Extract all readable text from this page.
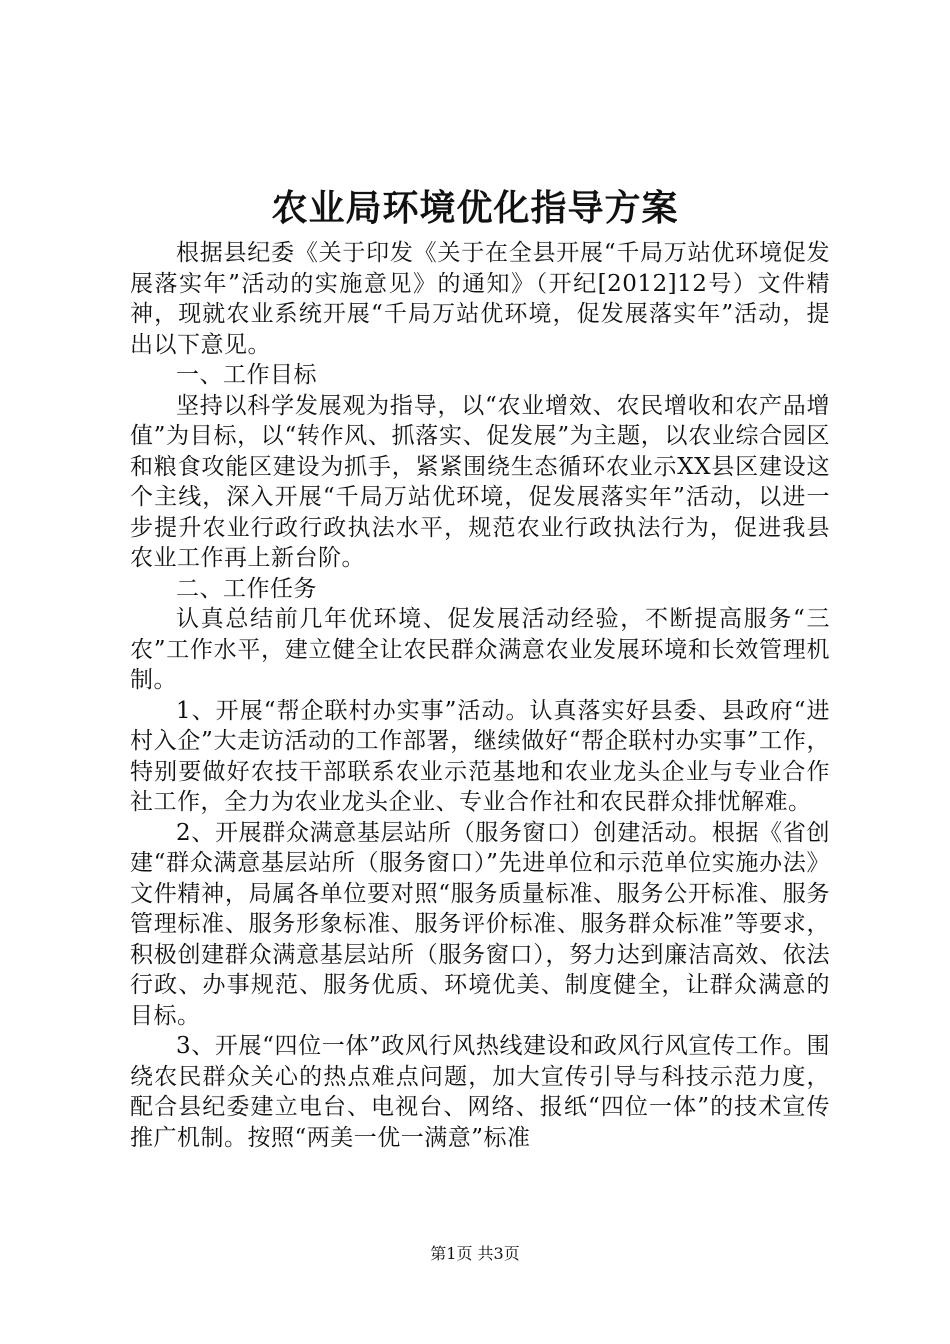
农业局环境优化指导方案

根据县纪委《关于印发《关于在全县开展“千局万站优环境促发展落实年”活动的实施意见》的通知》（开纪[2012]12号）文件精神，现就农业系统开展“千局万站优环境，促发展落实年”活动，提出以下意见。

一、工作目标

坚持以科学发展观为指导，以“农业增效、农民增收和农产品增值”为目标，以“转作风、抓落实、促发展”为主题，以农业综合园区和粮食攻能区建设为抓手，紧紧围绕生态循环农业示XX县区建设这个主线，深入开展“千局万站优环境，促发展落实年”活动，以进一步提升农业行政行政执法水平，规范农业行政执法行为，促进我县农业工作再上新台阶。

二、工作任务

认真总结前几年优环境、促发展活动经验，不断提高服务“三农”工作水平，建立健全让农民群众满意农业发展环境和长效管理机制。

1、开展“帮企联村办实事”活动。认真落实好县委、县政府“进村入企”大走访活动的工作部署，继续做好“帮企联村办实事”工作，特别要做好农技干部联系农业示范基地和农业龙头企业与专业合作社工作，全力为农业龙头企业、专业合作社和农民群众排忧解难。

2、开展群众满意基层站所（服务窗口）创建活动。根据《省创建“群众满意基层站所（服务窗口）”先进单位和示范单位实施办法》文件精神，局属各单位要对照“服务质量标准、服务公开标准、服务管理标准、服务形象标准、服务评价标准、服务群众标准”等要求，积极创建群众满意基层站所（服务窗口），努力达到廉洁高效、依法行政、办事规范、服务优质、环境优美、制度健全，让群众满意的目标。

3、开展“四位一体”政风行风热线建设和政风行风宣传工作。围绕农民群众关心的热点难点问题，加大宣传引导与科技示范力度，配合县纪委建立电台、电视台、网络、报纸“四位一体”的技术宣传推广机制。按照“两美一优一满意”标准

第1页 共3页
